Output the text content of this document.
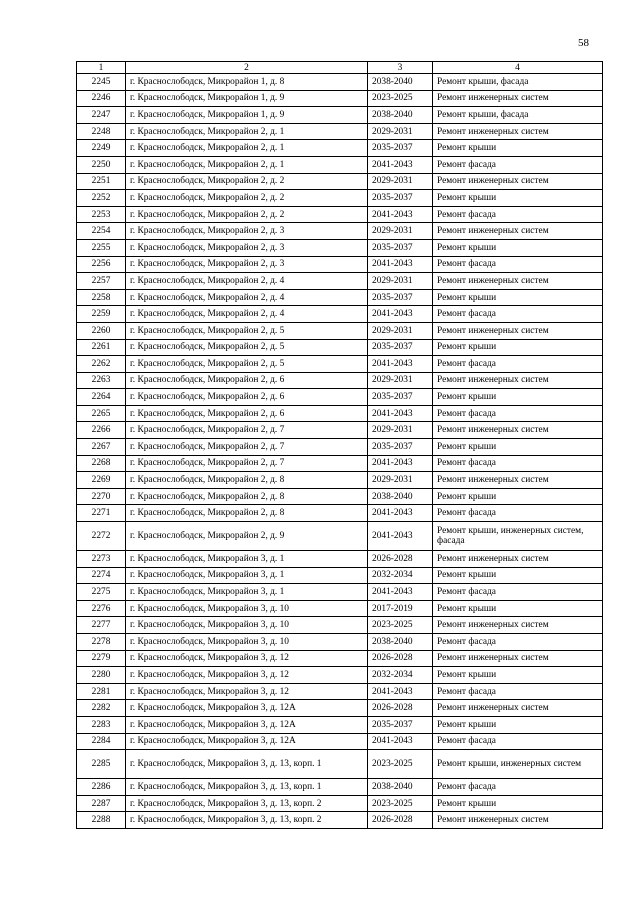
58
1	2	3	4
2245	г. Краснослободск, Микрорайон 1, д. 8	2038-2040	Ремонт крыши, фасада
2246	г. Краснослободск, Микрорайон 1, д. 9	2023-2025	Ремонт инженерных систем
2247	г. Краснослободск, Микрорайон 1, д. 9	2038-2040	Ремонт крыши, фасада
2248	г. Краснослободск, Микрорайон 2, д. 1	2029-2031	Ремонт инженерных систем
2249	г. Краснослободск, Микрорайон 2, д. 1	2035-2037	Ремонт крыши
2250	г. Краснослободск, Микрорайон 2, д. 1	2041-2043	Ремонт фасада
2251	г. Краснослободск, Микрорайон 2, д. 2	2029-2031	Ремонт инженерных систем
2252	г. Краснослободск, Микрорайон 2, д. 2	2035-2037	Ремонт крыши
2253	г. Краснослободск, Микрорайон 2, д. 2	2041-2043	Ремонт фасада
2254	г. Краснослободск, Микрорайон 2, д. 3	2029-2031	Ремонт инженерных систем
2255	г. Краснослободск, Микрорайон 2, д. 3	2035-2037	Ремонт крыши
2256	г. Краснослободск, Микрорайон 2, д. 3	2041-2043	Ремонт фасада
2257	г. Краснослободск, Микрорайон 2, д. 4	2029-2031	Ремонт инженерных систем
2258	г. Краснослободск, Микрорайон 2, д. 4	2035-2037	Ремонт крыши
2259	г. Краснослободск, Микрорайон 2, д. 4	2041-2043	Ремонт фасада
2260	г. Краснослободск, Микрорайон 2, д. 5	2029-2031	Ремонт инженерных систем
2261	г. Краснослободск, Микрорайон 2, д. 5	2035-2037	Ремонт крыши
2262	г. Краснослободск, Микрорайон 2, д. 5	2041-2043	Ремонт фасада
2263	г. Краснослободск, Микрорайон 2, д. 6	2029-2031	Ремонт инженерных систем
2264	г. Краснослободск, Микрорайон 2, д. 6	2035-2037	Ремонт крыши
2265	г. Краснослободск, Микрорайон 2, д. 6	2041-2043	Ремонт фасада
2266	г. Краснослободск, Микрорайон 2, д. 7	2029-2031	Ремонт инженерных систем
2267	г. Краснослободск, Микрорайон 2, д. 7	2035-2037	Ремонт крыши
2268	г. Краснослободск, Микрорайон 2, д. 7	2041-2043	Ремонт фасада
2269	г. Краснослободск, Микрорайон 2, д. 8	2029-2031	Ремонт инженерных систем
2270	г. Краснослободск, Микрорайон 2, д. 8	2038-2040	Ремонт крыши
2271	г. Краснослободск, Микрорайон 2, д. 8	2041-2043	Ремонт фасада
2272	г. Краснослободск, Микрорайон 2, д. 9	2041-2043	Ремонт крыши, инженерных систем, фасада
2273	г. Краснослободск, Микрорайон 3, д. 1	2026-2028	Ремонт инженерных систем
2274	г. Краснослободск, Микрорайон 3, д. 1	2032-2034	Ремонт крыши
2275	г. Краснослободск, Микрорайон 3, д. 1	2041-2043	Ремонт фасада
2276	г. Краснослободск, Микрорайон 3, д. 10	2017-2019	Ремонт крыши
2277	г. Краснослободск, Микрорайон 3, д. 10	2023-2025	Ремонт инженерных систем
2278	г. Краснослободск, Микрорайон 3, д. 10	2038-2040	Ремонт фасада
2279	г. Краснослободск, Микрорайон 3, д. 12	2026-2028	Ремонт инженерных систем
2280	г. Краснослободск, Микрорайон 3, д. 12	2032-2034	Ремонт крыши
2281	г. Краснослободск, Микрорайон 3, д. 12	2041-2043	Ремонт фасада
2282	г. Краснослободск, Микрорайон 3, д. 12А	2026-2028	Ремонт инженерных систем
2283	г. Краснослободск, Микрорайон 3, д. 12А	2035-2037	Ремонт крыши
2284	г. Краснослободск, Микрорайон 3, д. 12А	2041-2043	Ремонт фасада
2285	г. Краснослободск, Микрорайон 3, д. 13, корп. 1	2023-2025	Ремонт крыши, инженерных систем
2286	г. Краснослободск, Микрорайон 3, д. 13, корп. 1	2038-2040	Ремонт фасада
2287	г. Краснослободск, Микрорайон 3, д. 13, корп. 2	2023-2025	Ремонт крыши
2288	г. Краснослободск, Микрорайон 3, д. 13, корп. 2	2026-2028	Ремонт инженерных систем
